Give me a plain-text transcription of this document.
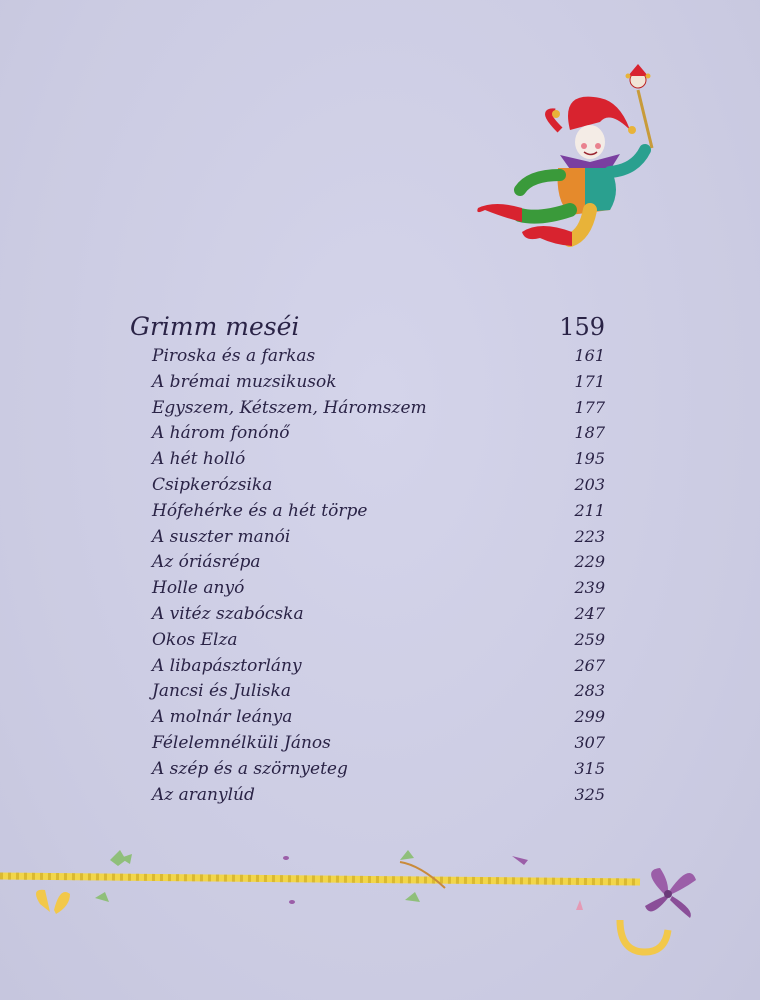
Grimm meséi	159
Piroska és a farkas	161
A brémai muzsikusok	171
Egyszem, Kétszem, Háromszem	177
A három fonónő	187
A hét holló	195
Csipkerózsika	203
Hófehérke és a hét törpe	211
A suszter manói	223
Az óriásrépa	229
Holle anyó	239
A vitéz szabócska	247
Okos Elza	259
A libapásztorlány	267
Jancsi és Juliska	283
A molnár leánya	299
Félelemnélküli János	307
A szép és a szörnyeteg	315
Az aranylúd	325
